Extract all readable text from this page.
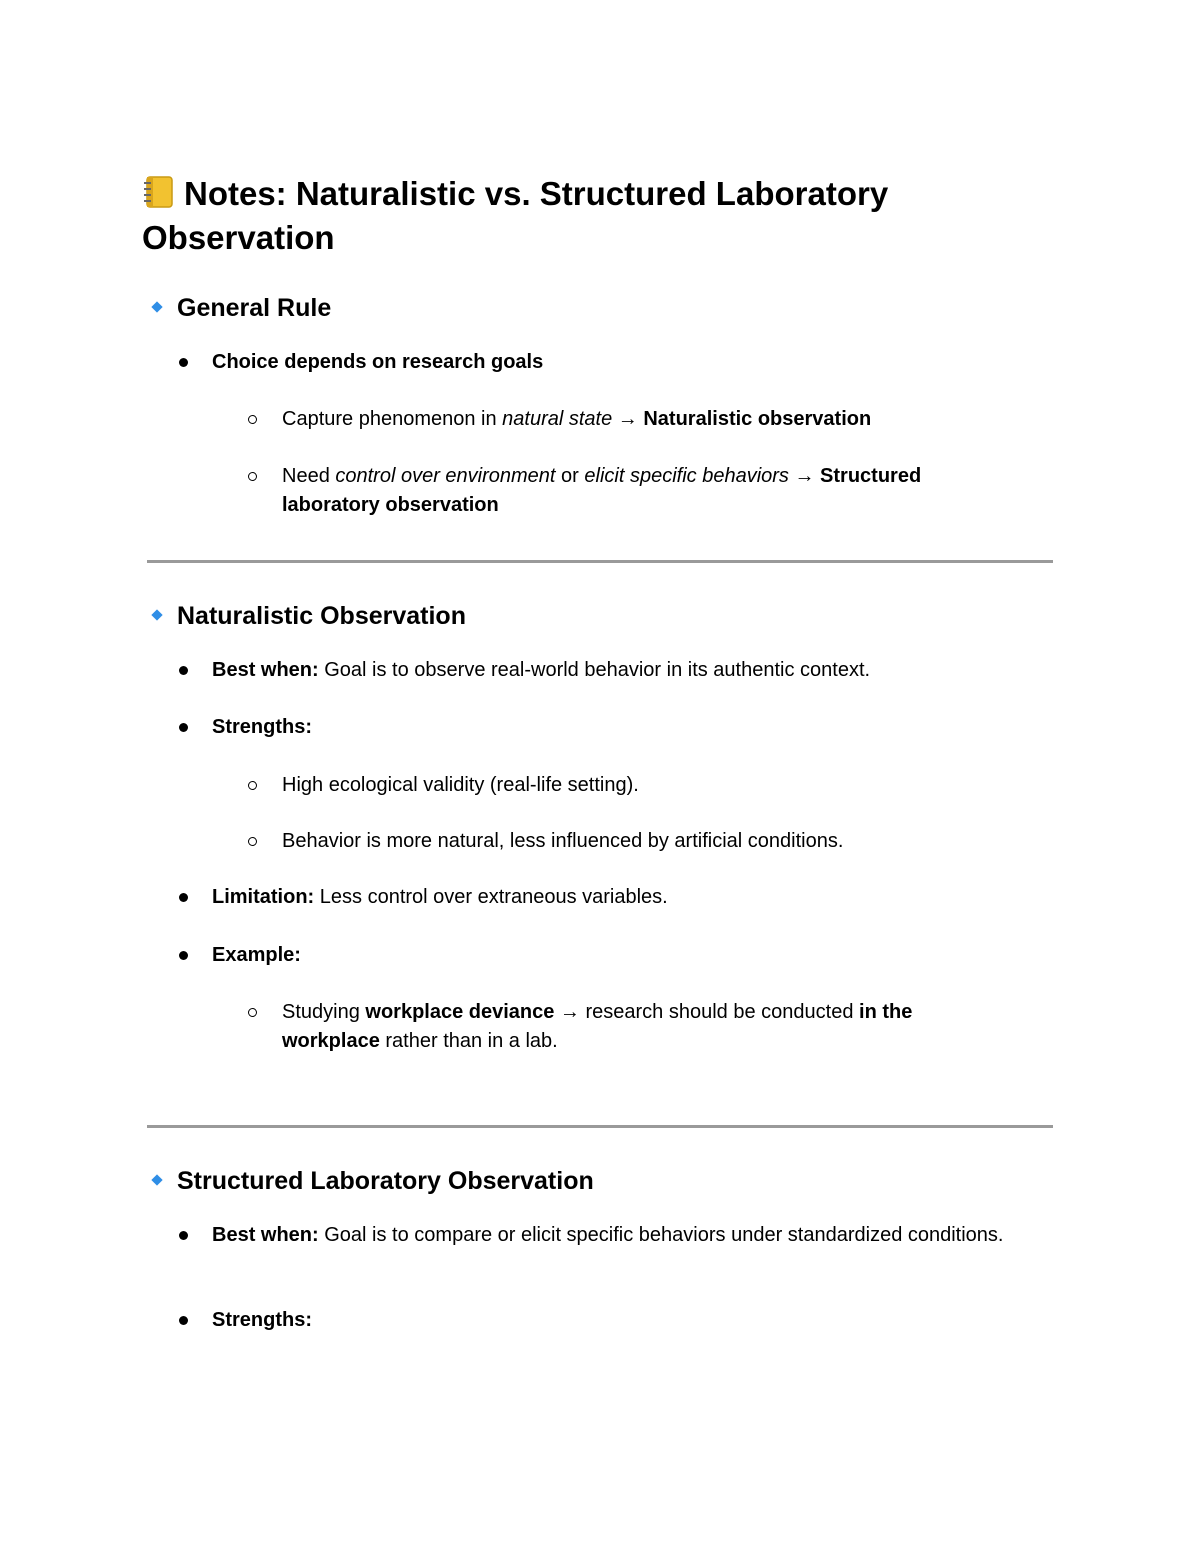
Notes: Naturalistic vs. Structured Laboratory Observation
General Rule
Choice depends on research goals
Capture phenomenon in natural state → Naturalistic observation
Need control over environment or elicit specific behaviors → Structured laboratory observation
Naturalistic Observation
Best when: Goal is to observe real-world behavior in its authentic context.
Strengths:
High ecological validity (real-life setting).
Behavior is more natural, less influenced by artificial conditions.
Limitation: Less control over extraneous variables.
Example:
Studying workplace deviance → research should be conducted in the workplace rather than in a lab.
Structured Laboratory Observation
Best when: Goal is to compare or elicit specific behaviors under standardized conditions.
Strengths:
